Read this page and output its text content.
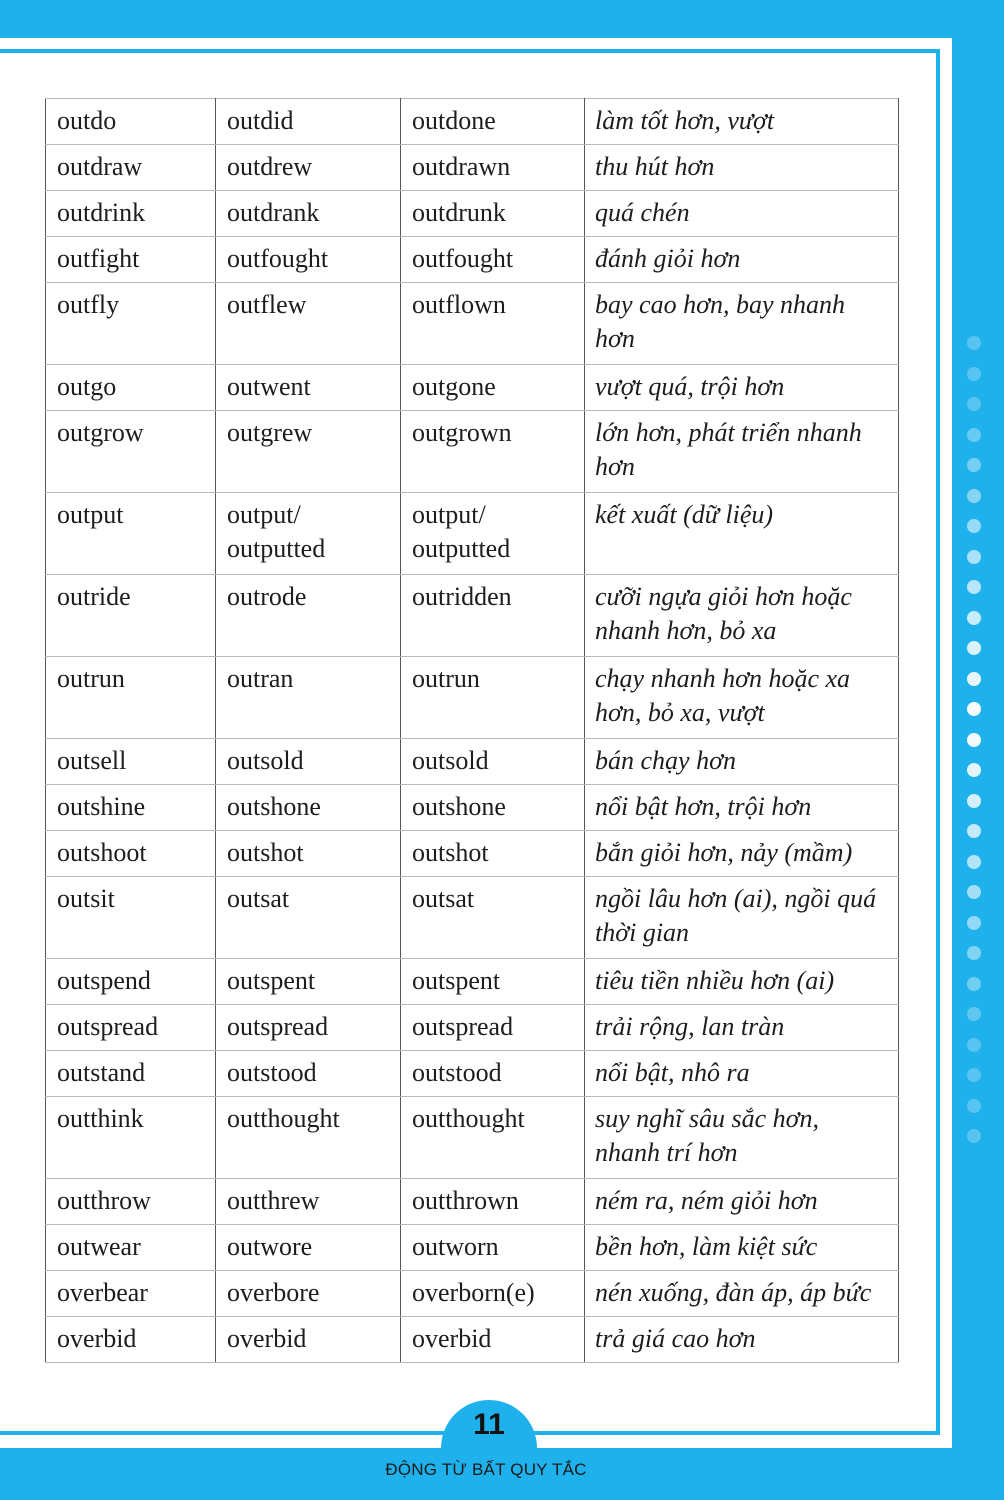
outdo	outdid	outdone	làm tốt hơn, vượt
outdraw	outdrew	outdrawn	thu hút hơn
outdrink	outdrank	outdrunk	quá chén
outfight	outfought	outfought	đánh giỏi hơn
outfly	outflew	outflown	bay cao hơn, bay nhanh hơn
outgo	outwent	outgone	vượt quá, trội hơn
outgrow	outgrew	outgrown	lớn hơn, phát triển nhanh hơn
output	output/ outputted	output/ outputted	kết xuất (dữ liệu)
outride	outrode	outridden	cưỡi ngựa giỏi hơn hoặc nhanh hơn, bỏ xa
outrun	outran	outrun	chạy nhanh hơn hoặc xa hơn, bỏ xa, vượt
outsell	outsold	outsold	bán chạy hơn
outshine	outshone	outshone	nổi bật hơn, trội hơn
outshoot	outshot	outshot	bắn giỏi hơn, nảy (mầm)
outsit	outsat	outsat	ngồi lâu hơn (ai), ngồi quá thời gian
outspend	outspent	outspent	tiêu tiền nhiều hơn (ai)
outspread	outspread	outspread	trải rộng, lan tràn
outstand	outstood	outstood	nổi bật, nhô ra
outthink	outthought	outthought	suy nghĩ sâu sắc hơn, nhanh trí hơn
outthrow	outthrew	outthrown	ném ra, ném giỏi hơn
outwear	outwore	outworn	bền hơn, làm kiệt sức
overbear	overbore	overborn(e)	nén xuống, đàn áp, áp bức
overbid	overbid	overbid	trả giá cao hơn
11
ĐỘNG TỪ BẤT QUY TẮC
